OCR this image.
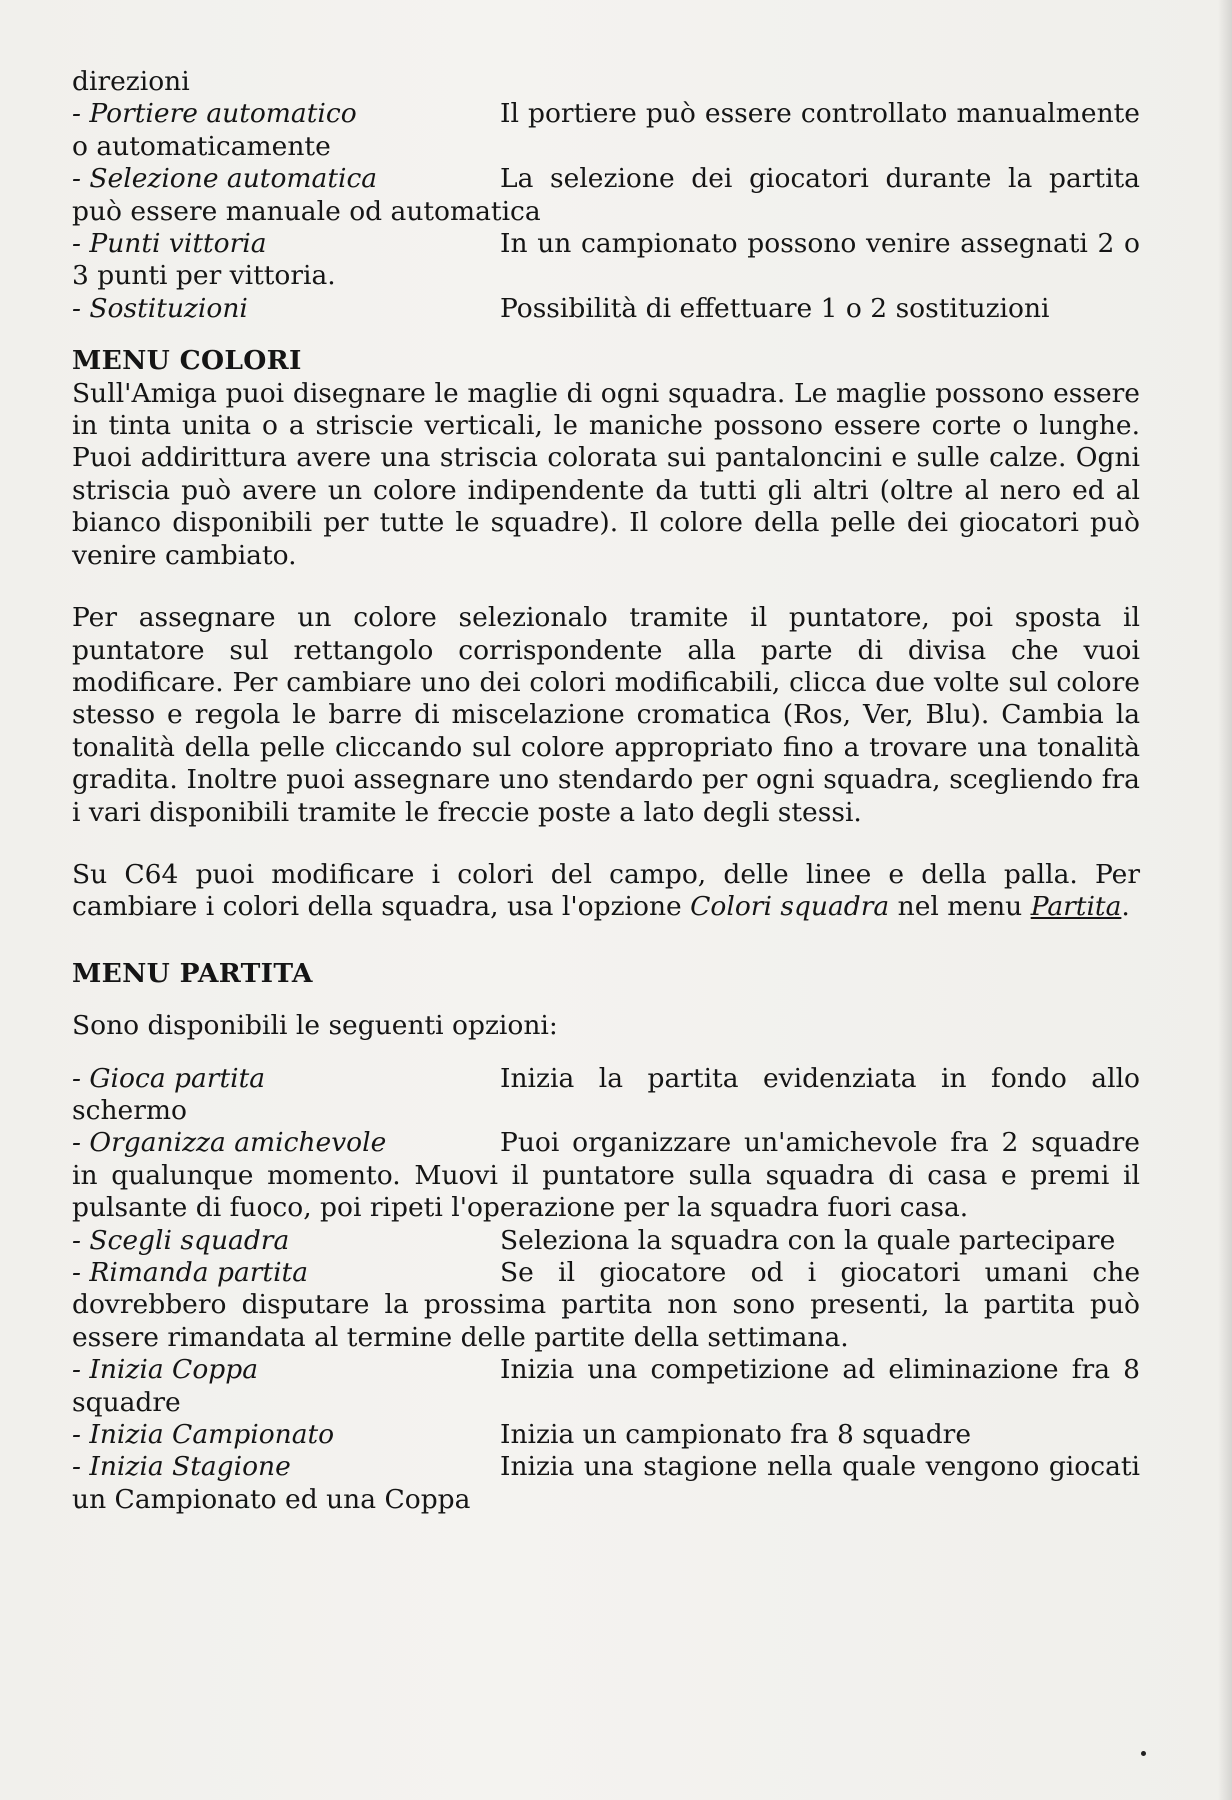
direzioni

- Portiere automatico	Il portiere può essere controllato manualmente o automaticamente

- Selezione automatica	La selezione dei giocatori durante la partita può essere manuale od automatica

- Punti vittoria	In un campionato possono venire assegnati 2 o 3 punti per vittoria.

- Sostituzioni	Possibilità di effettuare 1 o 2 sostituzioni

MENU COLORI

Sull'Amiga puoi disegnare le maglie di ogni squadra. Le maglie possono essere in tinta unita o a striscie verticali, le maniche possono essere corte o lunghe. Puoi addirittura avere una striscia colorata sui pantaloncini e sulle calze. Ogni striscia può avere un colore indipendente da tutti gli altri (oltre al nero ed al bianco disponibili per tutte le squadre). Il colore della pelle dei giocatori può venire cambiato.

Per assegnare un colore selezionalo tramite il puntatore, poi sposta il puntatore sul rettangolo corrispondente alla parte di divisa che vuoi modificare. Per cambiare uno dei colori modificabili, clicca due volte sul colore stesso e regola le barre di miscelazione cromatica (Ros, Ver, Blu). Cambia la tonalità della pelle cliccando sul colore appropriato fino a trovare una tonalità gradita. Inoltre puoi assegnare uno stendardo per ogni squadra, scegliendo fra i vari disponibili tramite le freccie poste a lato degli stessi.

Su C64 puoi modificare i colori del campo, delle linee e della palla. Per cambiare i colori della squadra, usa l'opzione Colori squadra nel menu Partita.

MENU PARTITA

Sono disponibili le seguenti opzioni:

- Gioca partita	Inizia la partita evidenziata in fondo allo schermo

- Organizza amichevole	Puoi organizzare un'amichevole fra 2 squadre in qualunque momento. Muovi il puntatore sulla squadra di casa e premi il pulsante di fuoco, poi ripeti l'operazione per la squadra fuori casa.

- Scegli squadra	Seleziona la squadra con la quale partecipare

- Rimanda partita	Se il giocatore od i giocatori umani che dovrebbero disputare la prossima partita non sono presenti, la partita può essere rimandata al termine delle partite della settimana.

- Inizia Coppa	Inizia una competizione ad eliminazione fra 8 squadre

- Inizia Campionato	Inizia un campionato fra 8 squadre

- Inizia Stagione	Inizia una stagione nella quale vengono giocati un Campionato ed una Coppa
